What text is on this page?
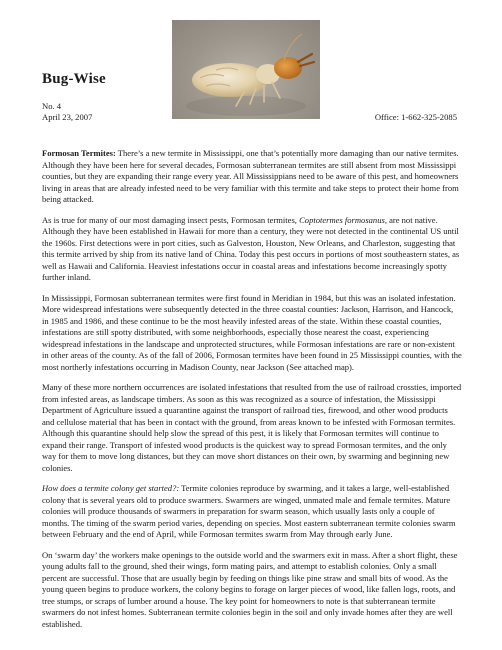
Bug-Wise
No. 4
April 23, 2007	Office: 1-662-325-2085

Formosan Termites: There’s a new termite in Mississippi, one that’s potentially more damaging than our native termites. Although they have been here for several decades, Formosan subterranean termites are still absent from most Mississippi counties, but they are expanding their range every year. All Mississippians need to be aware of this pest, and homeowners living in areas that are already infested need to be very familiar with this termite and take steps to protect their home from being attacked.

As is true for many of our most damaging insect pests, Formosan termites, Coptotermes formosanus, are not native. Although they have been established in Hawaii for more than a century, they were not detected in the continental US until the 1960s. First detections were in port cities, such as Galveston, Houston, New Orleans, and Charleston, suggesting that this termite arrived by ship from its native land of China. Today this pest occurs in portions of most southeastern states, as well as Hawaii and California. Heaviest infestations occur in coastal areas and infestations become increasingly spotty further inland.

In Mississippi, Formosan subterranean termites were first found in Meridian in 1984, but this was an isolated infestation. More widespread infestations were subsequently detected in the three coastal counties: Jackson, Harrison, and Hancock, in 1985 and 1986, and these continue to be the most heavily infested areas of the state. Within these coastal counties, infestations are still spotty distributed, with some neighborhoods, especially those nearest the coast, experiencing widespread infestations in the landscape and unprotected structures, while Formosan infestations are rare or non-existent in other areas of the county. As of the fall of 2006, Formosan termites have been found in 25 Mississippi counties, with the most northerly infestations occurring in Madison County, near Jackson (See attached map).

Many of these more northern occurrences are isolated infestations that resulted from the use of railroad crossties, imported from infested areas, as landscape timbers. As soon as this was recognized as a source of infestation, the Mississippi Department of Agriculture issued a quarantine against the transport of railroad ties, firewood, and other wood products and cellulose material that has been in contact with the ground, from areas known to be infested with Formosan termites. Although this quarantine should help slow the spread of this pest, it is likely that Formosan termites will continue to expand their range. Transport of infested wood products is the quickest way to spread Formosan termites, and the only way for them to move long distances, but they can move short distances on their own, by swarming and beginning new colonies.

How does a termite colony get started?: Termite colonies reproduce by swarming, and it takes a large, well-established colony that is several years old to produce swarmers. Swarmers are winged, unmated male and female termites. Mature colonies will produce thousands of swarmers in preparation for swarm season, which usually lasts only a couple of months. The timing of the swarm period varies, depending on species. Most eastern subterranean termite colonies swarm between February and the end of April, while Formosan termites swarm from May through early June.

On ‘swarm day’ the workers make openings to the outside world and the swarmers exit in mass. After a short flight, these young adults fall to the ground, shed their wings, form mating pairs, and attempt to establish colonies. Only a small percent are successful. Those that are usually begin by feeding on things like pine straw and small bits of wood. As the young queen begins to produce workers, the colony begins to forage on larger pieces of wood, like fallen logs, roots, and tree stumps, or scraps of lumber around a house. The key point for homeowners to note is that subterranean termite swarmers do not infest homes. Subterranean termite colonies begin in the soil and only invade homes after they are well established.
